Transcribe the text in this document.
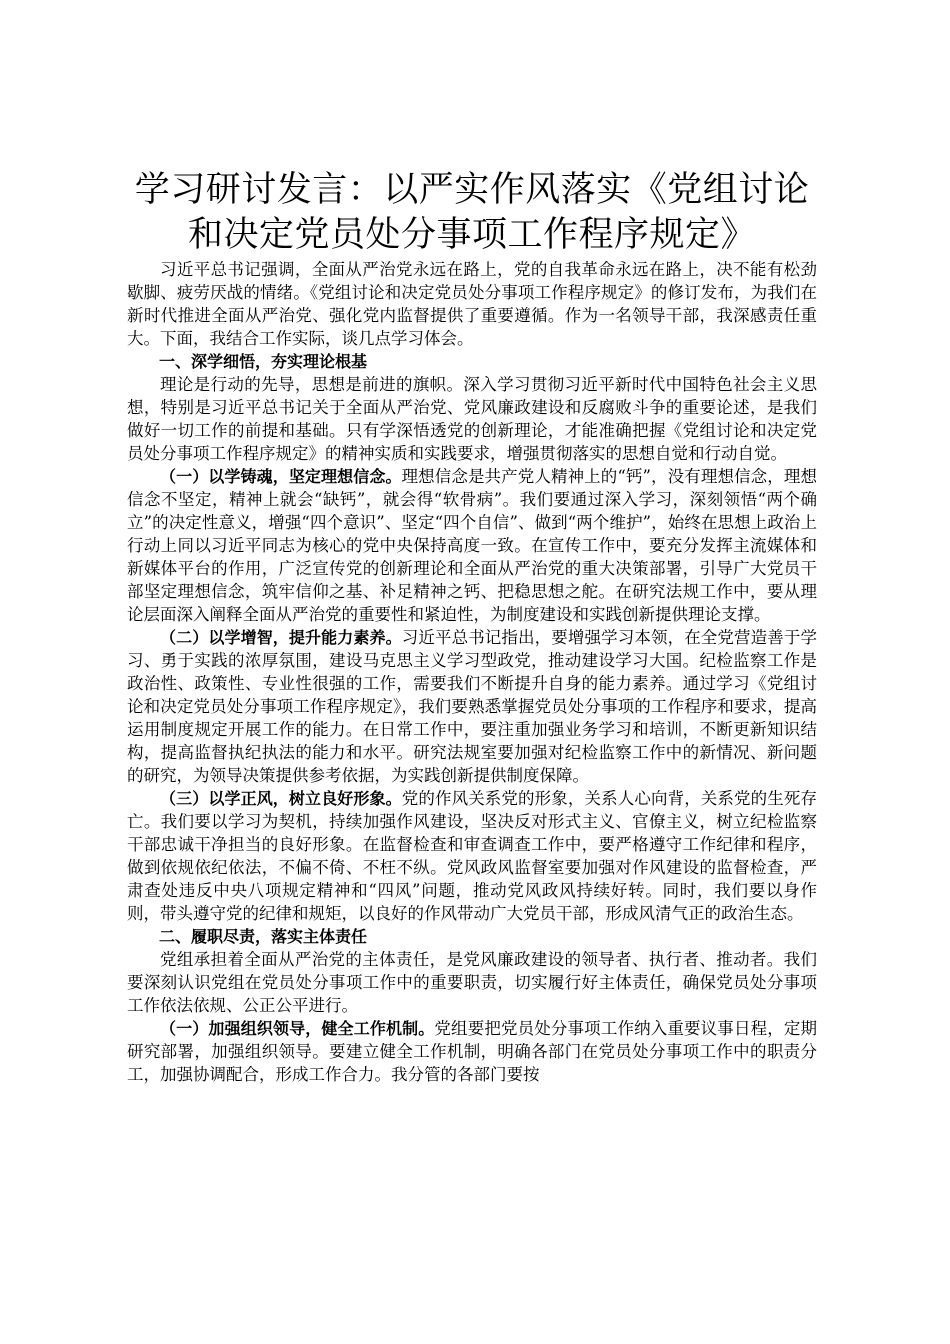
学习研讨发言：以严实作风落实《党组讨论和决定党员处分事项工作程序规定》

习近平总书记强调，全面从严治党永远在路上，党的自我革命永远在路上，决不能有松劲歇脚、疲劳厌战的情绪。《党组讨论和决定党员处分事项工作程序规定》的修订发布，为我们在新时代推进全面从严治党、强化党内监督提供了重要遵循。作为一名领导干部，我深感责任重大。下面，我结合工作实际，谈几点学习体会。

一、深学细悟，夯实理论根基

理论是行动的先导，思想是前进的旗帜。深入学习贯彻习近平新时代中国特色社会主义思想，特别是习近平总书记关于全面从严治党、党风廉政建设和反腐败斗争的重要论述，是我们做好一切工作的前提和基础。只有学深悟透党的创新理论，才能准确把握《党组讨论和决定党员处分事项工作程序规定》的精神实质和实践要求，增强贯彻落实的思想自觉和行动自觉。

（一）以学铸魂，坚定理想信念。理想信念是共产党人精神上的“钙”，没有理想信念，理想信念不坚定，精神上就会“缺钙”，就会得“软骨病”。我们要通过深入学习，深刻领悟“两个确立”的决定性意义，增强“四个意识”、坚定“四个自信”、做到“两个维护”，始终在思想上政治上行动上同以习近平同志为核心的党中央保持高度一致。在宣传工作中，要充分发挥主流媒体和新媒体平台的作用，广泛宣传党的创新理论和全面从严治党的重大决策部署，引导广大党员干部坚定理想信念，筑牢信仰之基、补足精神之钙、把稳思想之舵。在研究法规工作中，要从理论层面深入阐释全面从严治党的重要性和紧迫性，为制度建设和实践创新提供理论支撑。

（二）以学增智，提升能力素养。习近平总书记指出，要增强学习本领，在全党营造善于学习、勇于实践的浓厚氛围，建设马克思主义学习型政党，推动建设学习大国。纪检监察工作是政治性、政策性、专业性很强的工作，需要我们不断提升自身的能力素养。通过学习《党组讨论和决定党员处分事项工作程序规定》，我们要熟悉掌握党员处分事项的工作程序和要求，提高运用制度规定开展工作的能力。在日常工作中，要注重加强业务学习和培训，不断更新知识结构，提高监督执纪执法的能力和水平。研究法规室要加强对纪检监察工作中的新情况、新问题的研究，为领导决策提供参考依据，为实践创新提供制度保障。

（三）以学正风，树立良好形象。党的作风关系党的形象，关系人心向背，关系党的生死存亡。我们要以学习为契机，持续加强作风建设，坚决反对形式主义、官僚主义，树立纪检监察干部忠诚干净担当的良好形象。在监督检查和审查调查工作中，要严格遵守工作纪律和程序，做到依规依纪依法，不偏不倚、不枉不纵。党风政风监督室要加强对作风建设的监督检查，严肃查处违反中央八项规定精神和“四风”问题，推动党风政风持续好转。同时，我们要以身作则，带头遵守党的纪律和规矩，以良好的作风带动广大党员干部，形成风清气正的政治生态。

二、履职尽责，落实主体责任

党组承担着全面从严治党的主体责任，是党风廉政建设的领导者、执行者、推动者。我们要深刻认识党组在党员处分事项工作中的重要职责，切实履行好主体责任，确保党员处分事项工作依法依规、公正公平进行。

（一）加强组织领导，健全工作机制。党组要把党员处分事项工作纳入重要议事日程，定期研究部署，加强组织领导。要建立健全工作机制，明确各部门在党员处分事项工作中的职责分工，加强协调配合，形成工作合力。我分管的各部门要按
